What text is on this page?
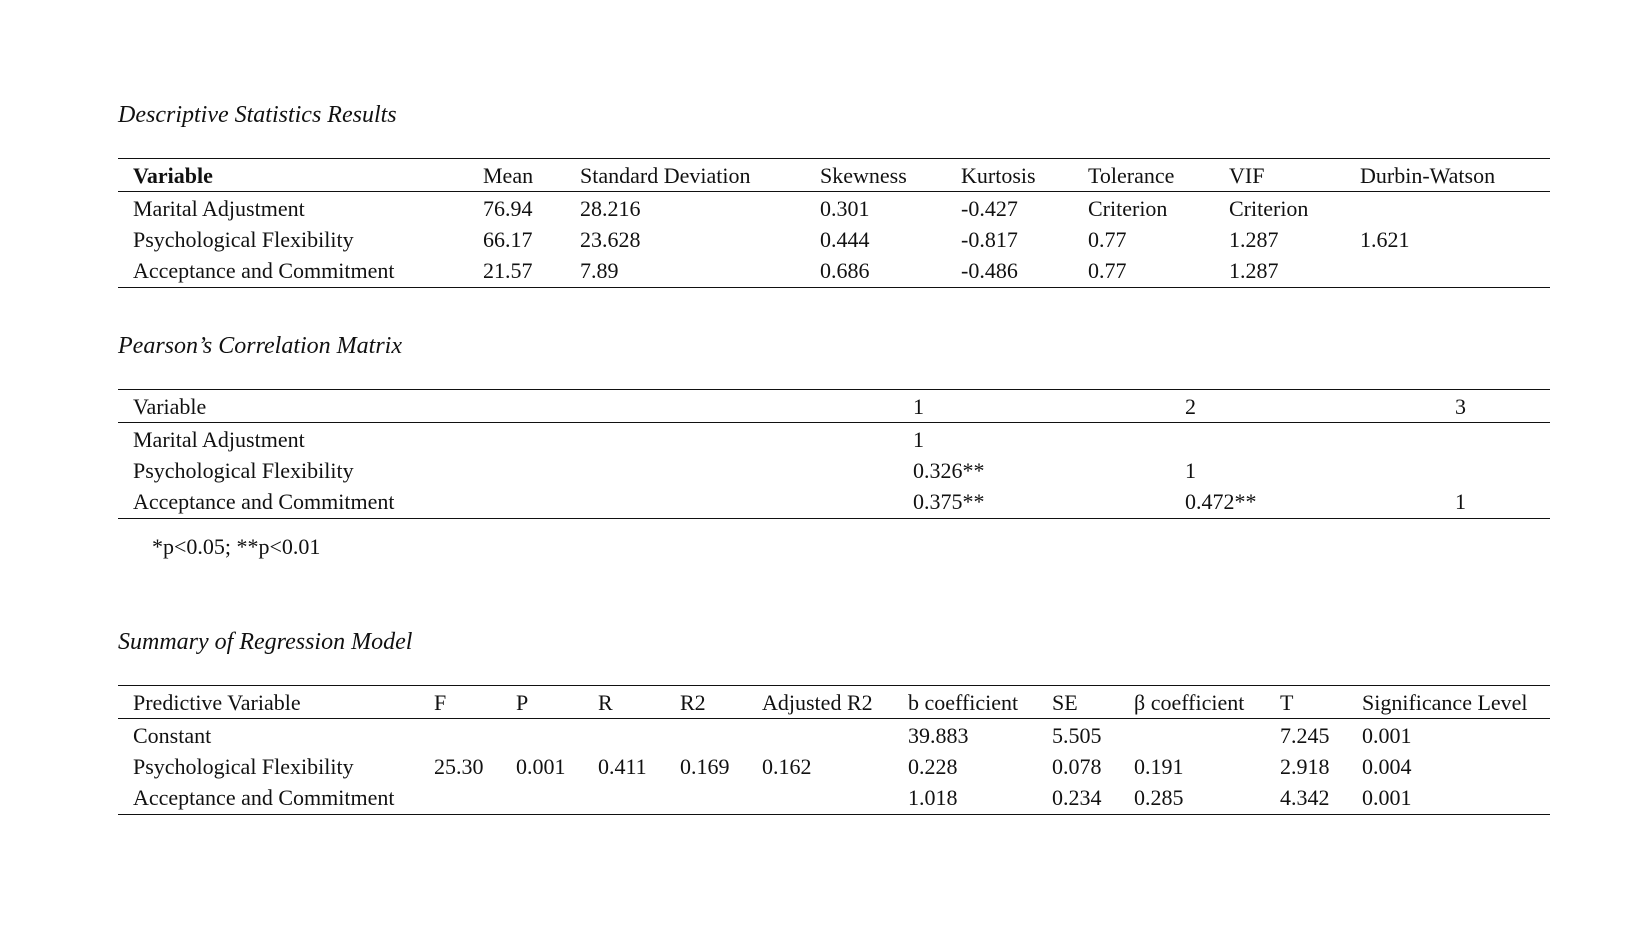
Descriptive Statistics Results
Variable	Mean	Standard Deviation	Skewness	Kurtosis	Tolerance	VIF	Durbin-Watson
Marital Adjustment	76.94	28.216	0.301	-0.427	Criterion	Criterion	
Psychological Flexibility	66.17	23.628	0.444	-0.817	0.77	1.287	1.621
Acceptance and Commitment	21.57	7.89	0.686	-0.486	0.77	1.287	
Pearson’s Correlation Matrix
Variable	1	2	3
Marital Adjustment	1		
Psychological Flexibility	0.326**	1	
Acceptance and Commitment	0.375**	0.472**	1
*p<0.05; **p<0.01
Summary of Regression Model
Predictive Variable	F	P	R	R2	Adjusted R2	b coefficient	SE	β coefficient	T	Significance Level
Constant						39.883	5.505		7.245	0.001
Psychological Flexibility	25.30	0.001	0.411	0.169	0.162	0.228	0.078	0.191	2.918	0.004
Acceptance and Commitment						1.018	0.234	0.285	4.342	0.001
